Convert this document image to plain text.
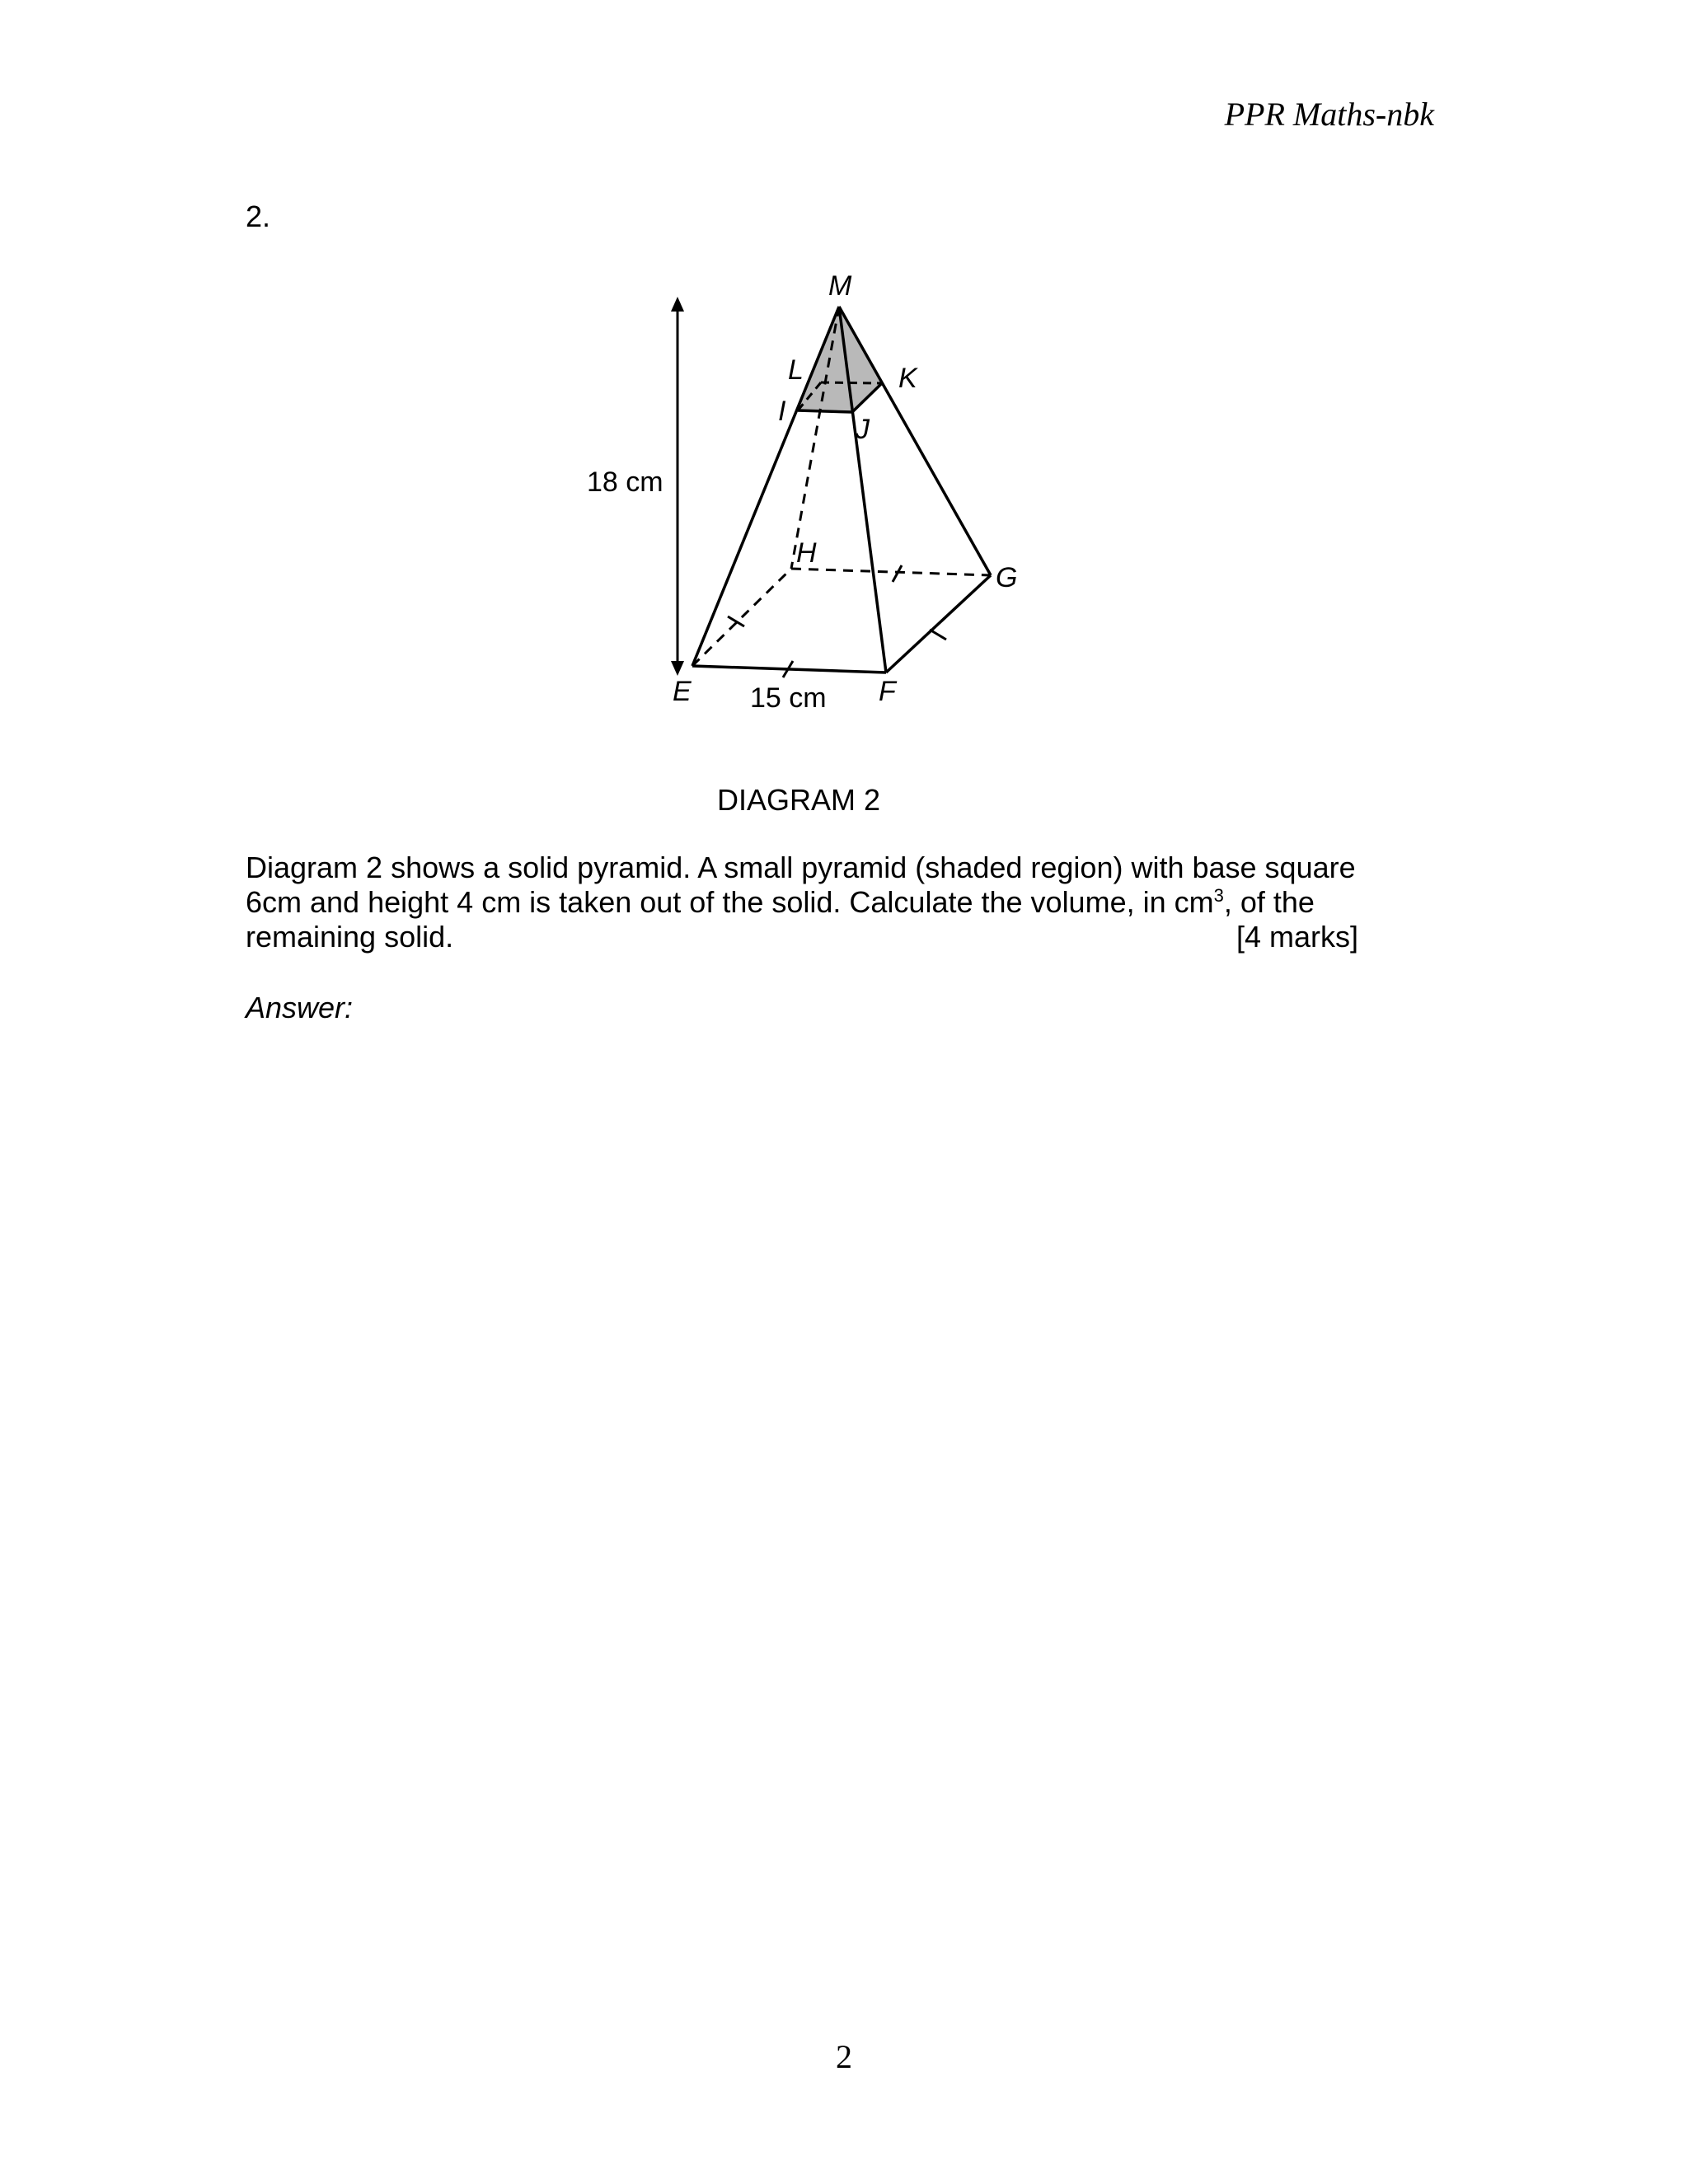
PPR Maths-nbk
2.
M
L	K
I
J
H
G
E	F
18 cm
15 cm
DIAGRAM 2
Diagram 2 shows a solid pyramid. A small pyramid (shaded region) with base square
6cm and height 4 cm is taken out of the solid. Calculate the volume, in $cm^3$, of the
remaining solid.	[4 marks]
Answer:
2
